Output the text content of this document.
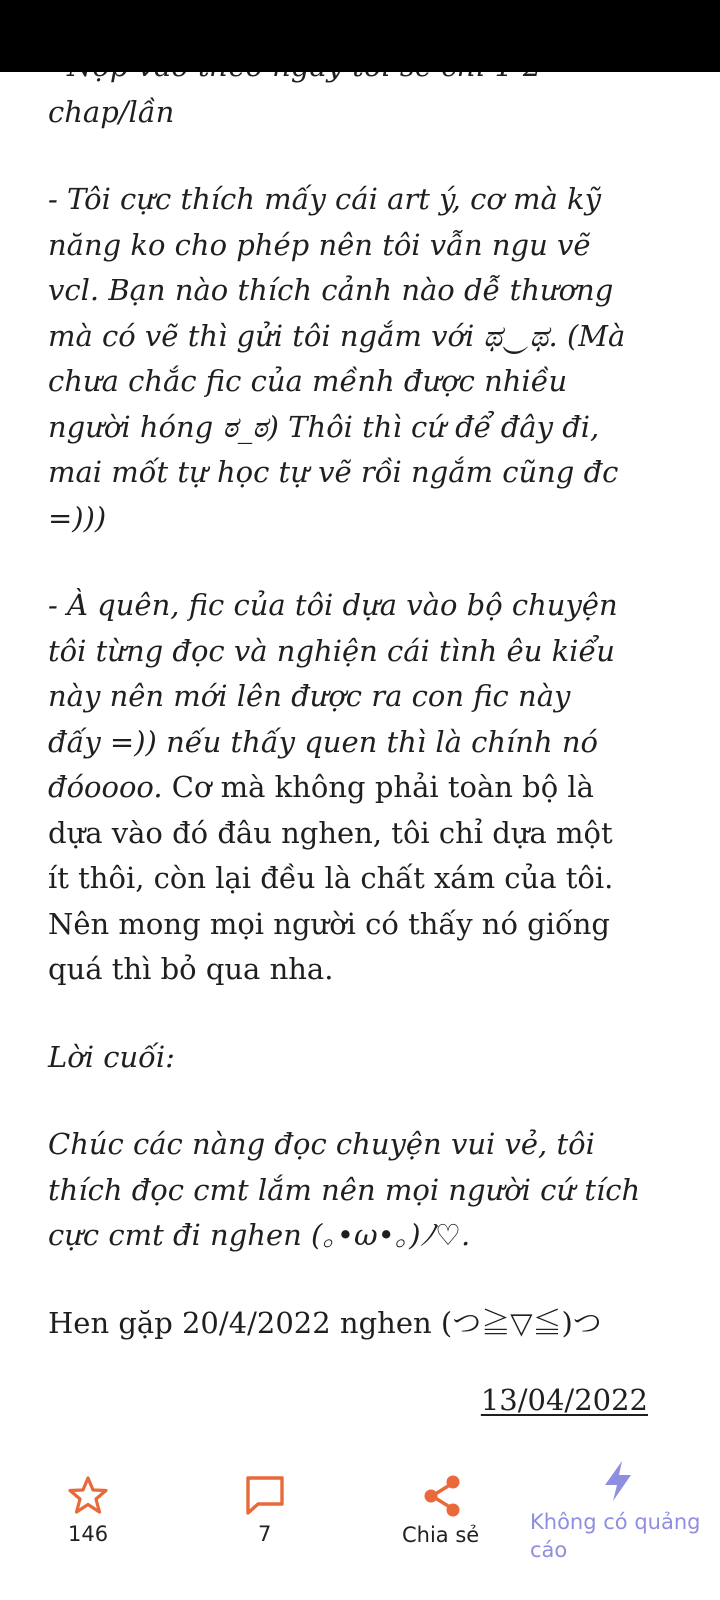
chap/lần
- Tôi cực thích mấy cái art ý, cơ mà kỹ
năng ko cho phép nên tôi vẫn ngu vẽ
vcl. Bạn nào thích cảnh nào dễ thương
mà có vẽ thì gửi tôi ngắm với ಥ‿ಥ. (Mà
chưa chắc fic của mềnh được nhiều
người hóng ಠ_ಠ) Thôi thì cứ để đây đi,
mai mốt tự học tự vẽ rồi ngắm cũng đc
=)))
- À quên, fic của tôi dựa vào bộ chuyện
tôi từng đọc và nghiện cái tình êu kiểu
này nên mới lên được ra con fic này
đấy =)) nếu thấy quen thì là chính nó
đóoooo. Cơ mà không phải toàn bộ là
dựa vào đó đâu nghen, tôi chỉ dựa một
ít thôi, còn lại đều là chất xám của tôi.
Nên mong mọi người có thấy nó giống
quá thì bỏ qua nha.
Lời cuối:
Chúc các nàng đọc chuyện vui vẻ, tôi
thích đọc cmt lắm nên mọi người cứ tích
cực cmt đi nghen (｡•ω•｡)ﾉ♡.
Hen gặp 20/4/2022 nghen (つ≧▽≦)つ
13/04/2022
146	7	Chia sẻ
Không có quảng cáo
